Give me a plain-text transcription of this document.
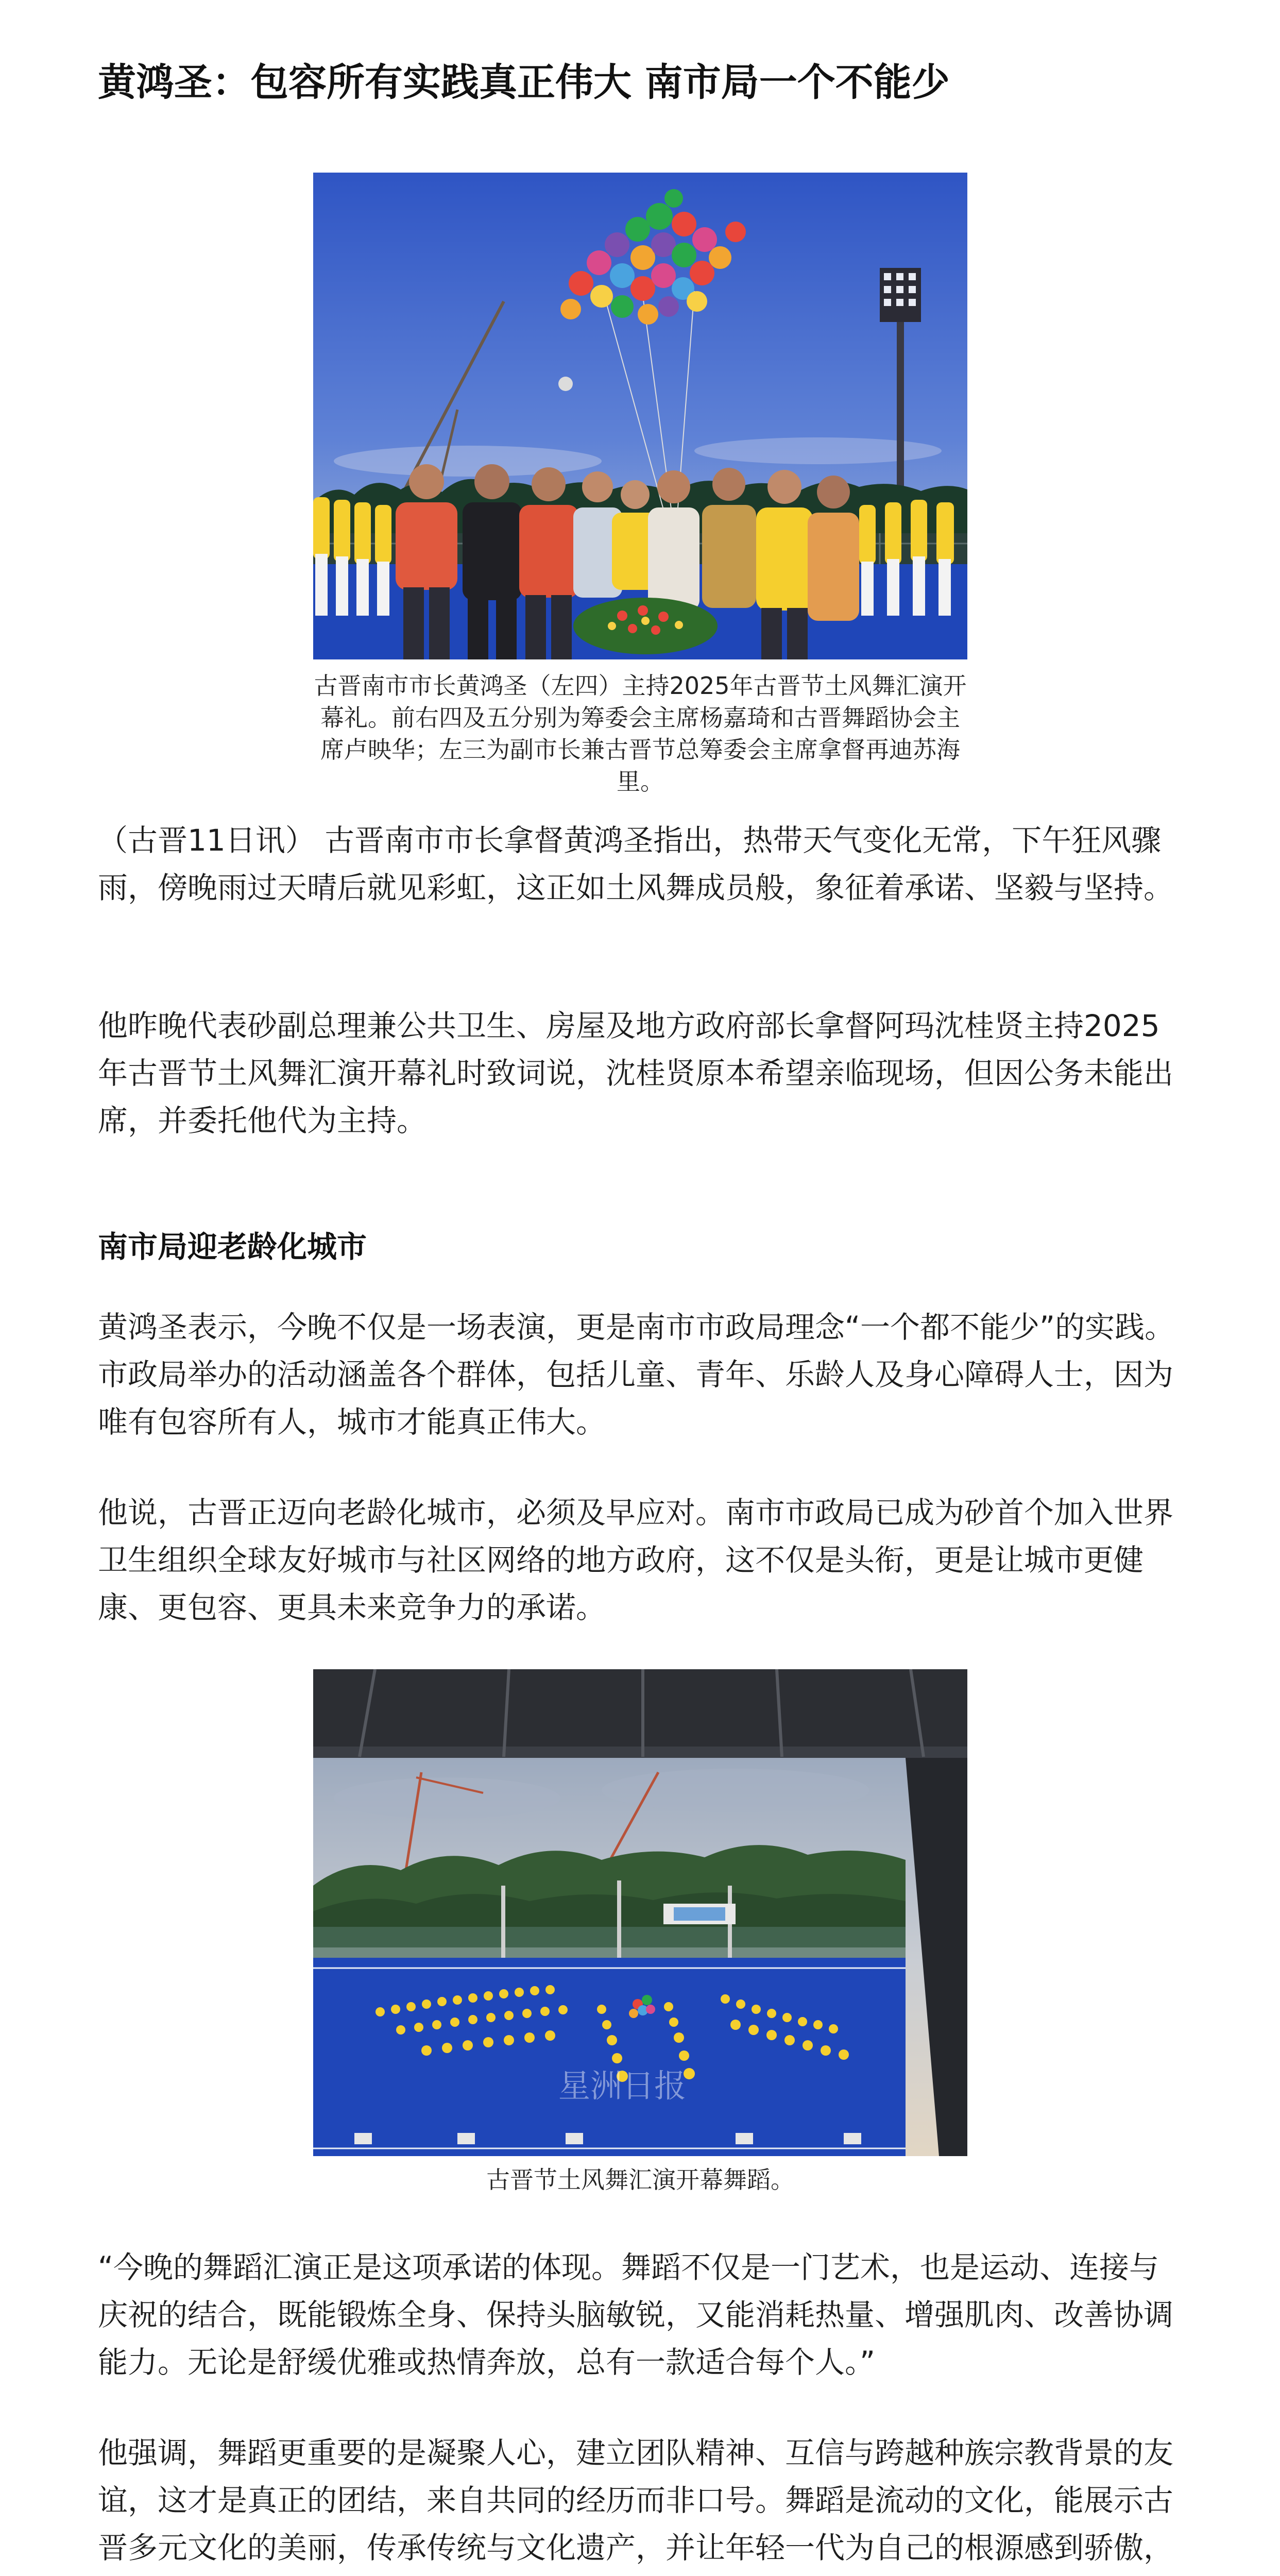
黄鸿圣：包容所有实践真正伟大 南市局一个不能少

古晋南市市长黄鸿圣（左四）主持2025年古晋节土风舞汇演开幕礼。前右四及五分别为筹委会主席杨嘉琦和古晋舞蹈协会主席卢映华；左三为副市长兼古晋节总筹委会主席拿督再迪苏海里。

（古晋11日讯） 古晋南市市长拿督黄鸿圣指出，热带天气变化无常，下午狂风骤雨，傍晚雨过天晴后就见彩虹，这正如土风舞成员般，象征着承诺、坚毅与坚持。

他昨晚代表砂副总理兼公共卫生、房屋及地方政府部长拿督阿玛沈桂贤主持2025年古晋节土风舞汇演开幕礼时致词说，沈桂贤原本希望亲临现场，但因公务未能出席，并委托他代为主持。

南市局迎老龄化城市

黄鸿圣表示，今晚不仅是一场表演，更是南市市政局理念“一个都不能少”的实践。市政局举办的活动涵盖各个群体，包括儿童、青年、乐龄人及身心障碍人士，因为唯有包容所有人，城市才能真正伟大。

他说，古晋正迈向老龄化城市，必须及早应对。南市市政局已成为砂首个加入世界卫生组织全球友好城市与社区网络的地方政府，这不仅是头衔，更是让城市更健康、更包容、更具未来竞争力的承诺。

星洲日报

古晋节土风舞汇演开幕舞蹈。

“今晚的舞蹈汇演正是这项承诺的体现。舞蹈不仅是一门艺术，也是运动、连接与庆祝的结合，既能锻炼全身、保持头脑敏锐，又能消耗热量、增强肌肉、改善协调能力。无论是舒缓优雅或热情奔放，总有一款适合每个人。”

他强调，舞蹈更重要的是凝聚人心，建立团队精神、互信与跨越种族宗教背景的友谊，这才是真正的团结，来自共同的经历而非口号。舞蹈是流动的文化，能展示古晋多元文化的美丽，传承传统与文化遗产，并让年轻一代为自己的根源感到骄傲，
